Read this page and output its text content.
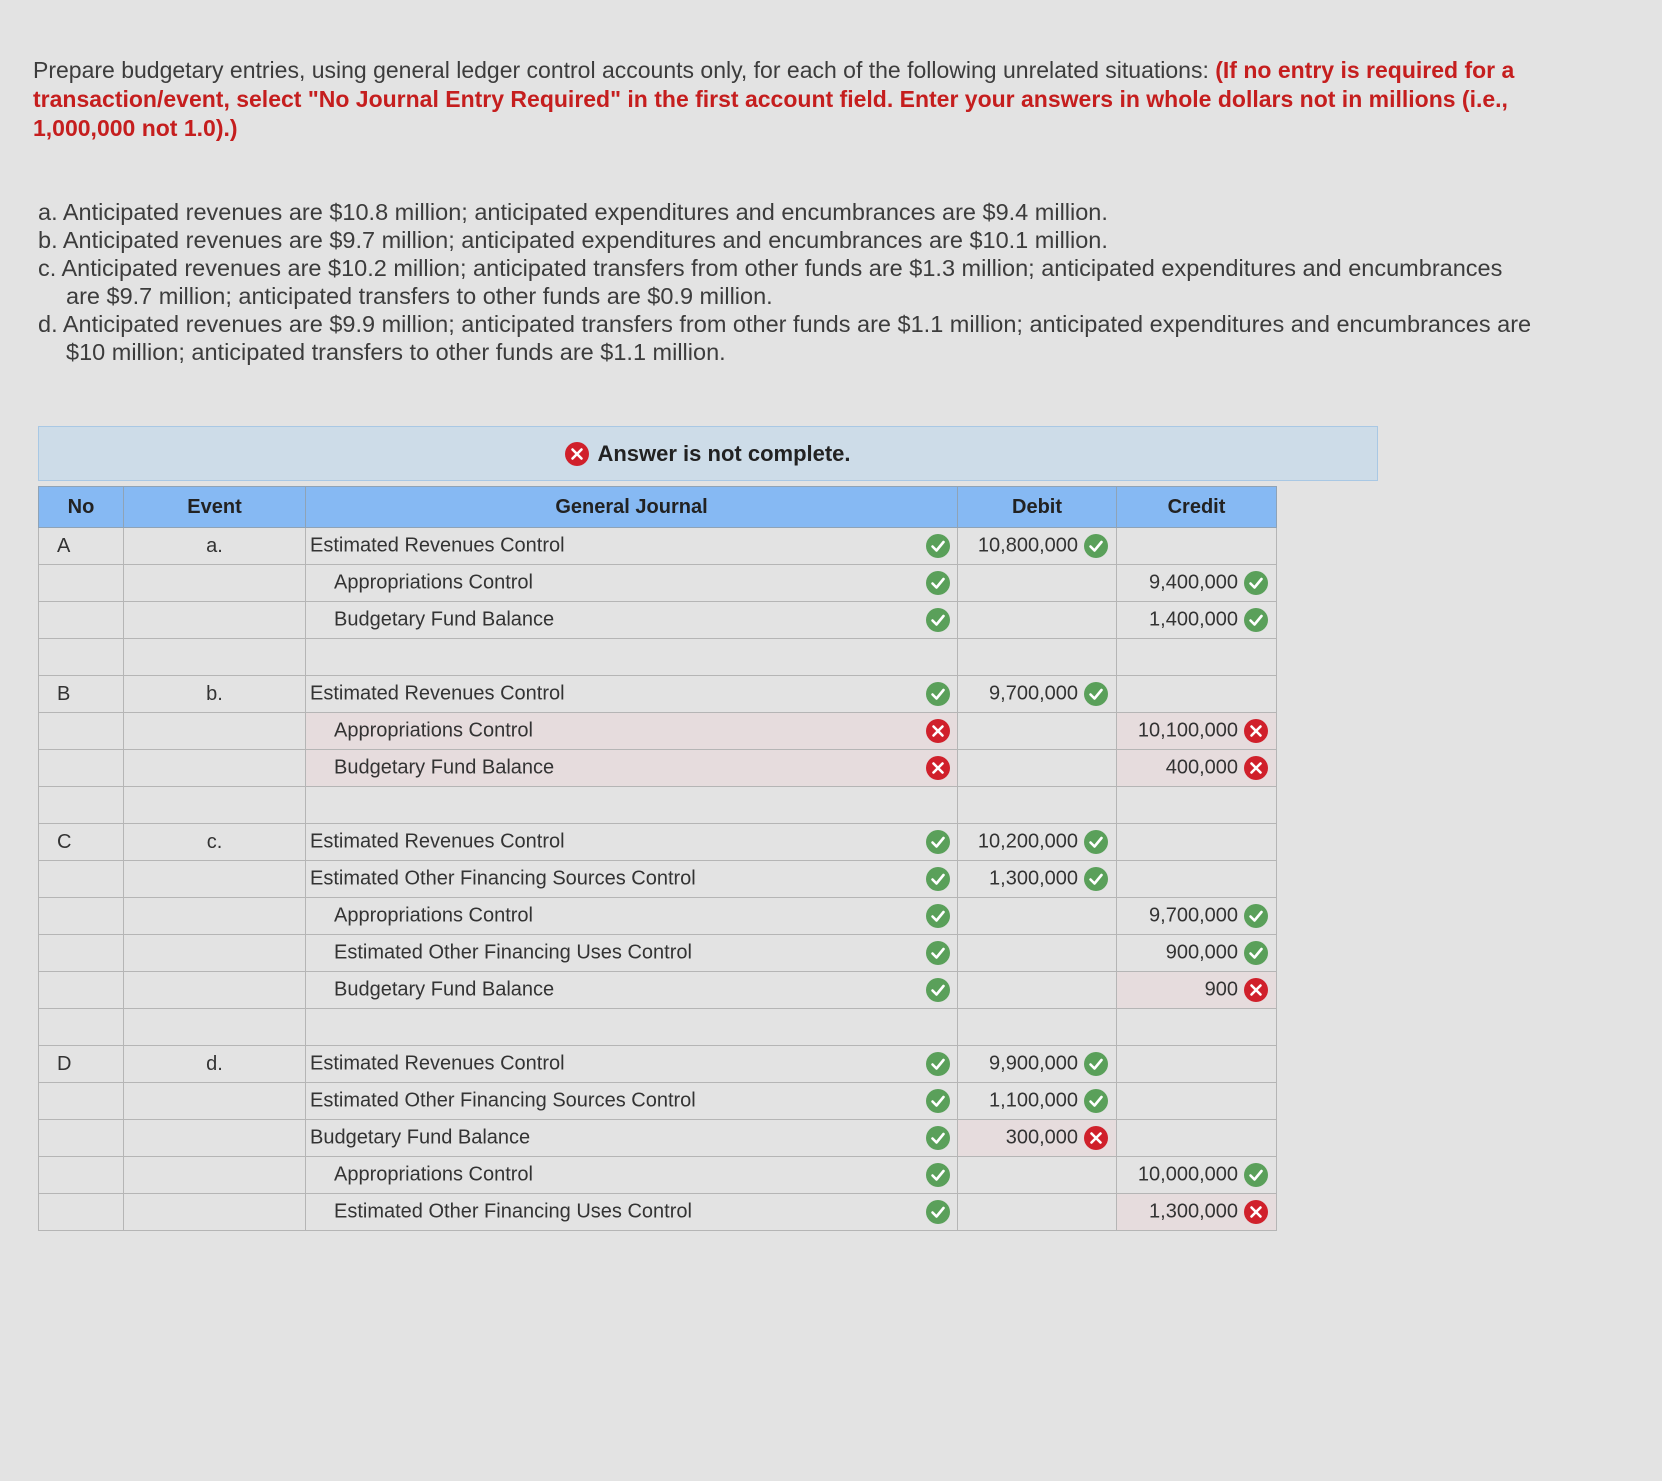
Prepare budgetary entries, using general ledger control accounts only, for each of the following unrelated situations: (If no entry is required for a transaction/event, select "No Journal Entry Required" in the first account field. Enter your answers in whole dollars not in millions (i.e., 1,000,000 not 1.0).)
a. Anticipated revenues are $10.8 million; anticipated expenditures and encumbrances are $9.4 million.
b. Anticipated revenues are $9.7 million; anticipated expenditures and encumbrances are $10.1 million.
c. Anticipated revenues are $10.2 million; anticipated transfers from other funds are $1.3 million; anticipated expenditures and encumbrances are $9.7 million; anticipated transfers to other funds are $0.9 million.
d. Anticipated revenues are $9.9 million; anticipated transfers from other funds are $1.1 million; anticipated expenditures and encumbrances are $10 million; anticipated transfers to other funds are $1.1 million.
Answer is not complete.
No	Event	General Journal	Debit	Credit
A	a.	Estimated Revenues Control	10,800,000

		Appropriations Control		9,400,000

		Budgetary Fund Balance		1,400,000

B	b.	Estimated Revenues Control	9,700,000

		Appropriations Control		10,100,000

		Budgetary Fund Balance		400,000

C	c.	Estimated Revenues Control	10,200,000

		Estimated Other Financing Sources Control	1,300,000

		Appropriations Control		9,700,000

		Estimated Other Financing Uses Control		900,000

		Budgetary Fund Balance		900

D	d.	Estimated Revenues Control	9,900,000

		Estimated Other Financing Sources Control	1,100,000

		Budgetary Fund Balance	300,000

		Appropriations Control		10,000,000

		Estimated Other Financing Uses Control		1,300,000
